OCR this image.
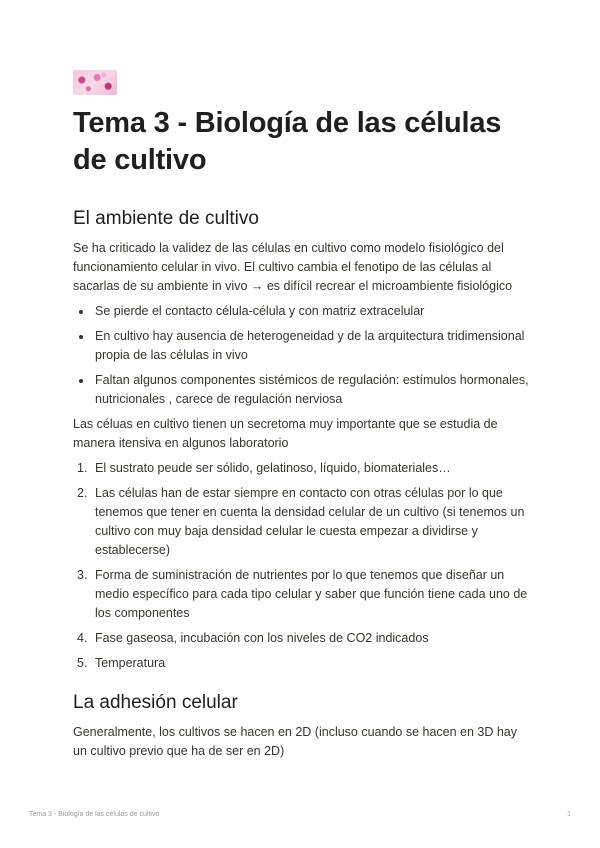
Tema 3 - Biología de las células de cultivo
El ambiente de cultivo

Se ha criticado la validez de las células en cultivo como modelo fisiológico del funcionamiento celular in vivo. El cultivo cambia el fenotipo de las células al sacarlas de su ambiente in vivo → es difícil recrear el microambiente fisiológico

Se pierde el contacto célula-célula y con matriz extracelular
En cultivo hay ausencia de heterogeneidad y de la arquitectura tridimensional propia de las células in vivo
Faltan algunos componentes sistémicos de regulación: estímulos hormonales, nutricionales , carece de regulación nerviosa

Las céluas en cultivo tienen un secretoma muy importante que se estudia de manera itensiva en algunos laboratorio

1. El sustrato peude ser sólido, gelatinoso, líquido, biomateriales…
2. Las células han de estar siempre en contacto con otras células por lo que tenemos que tener en cuenta la densidad celular de un cultivo (si tenemos un cultivo con muy baja densidad celular le cuesta empezar a dividirse y establecerse)
3. Forma de suministración de nutrientes por lo que tenemos que diseñar un medio específico para cada tipo celular y saber que función tiene cada uno de los componentes
4. Fase gaseosa, incubación con los niveles de CO2 indicados
5. Temperatura
La adhesión celular

Generalmente, los cultivos se hacen en 2D (incluso cuando se hacen en 3D hay un cultivo previo que ha de ser en 2D)

Tema 3 - Biología de las células de cultivo	1
